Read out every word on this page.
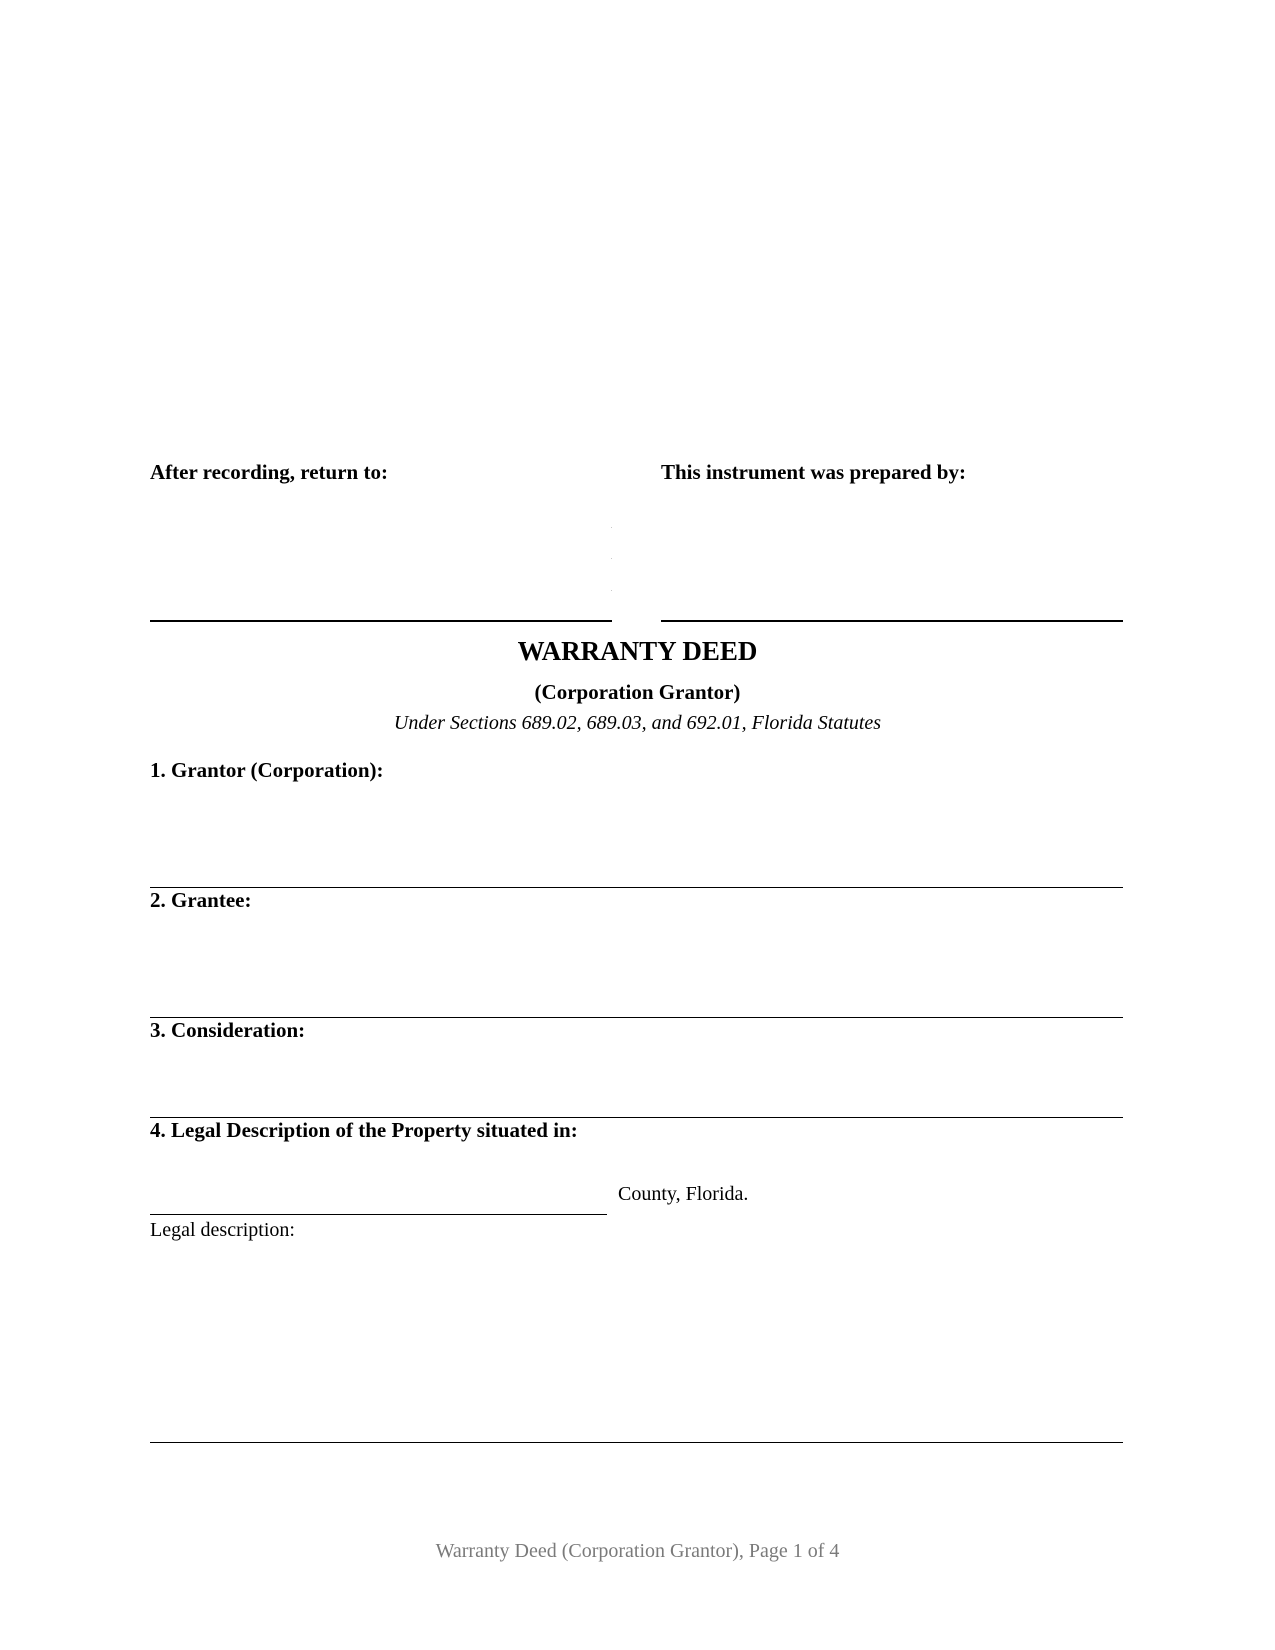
After recording, return to:	This instrument was prepared by:
WARRANTY DEED
(Corporation Grantor)
Under Sections 689.02, 689.03, and 692.01, Florida Statutes
1. Grantor (Corporation):
2. Grantee:
3. Consideration:
4. Legal Description of the Property situated in:
County, Florida.
Legal description:
Warranty Deed (Corporation Grantor), Page 1 of 4
